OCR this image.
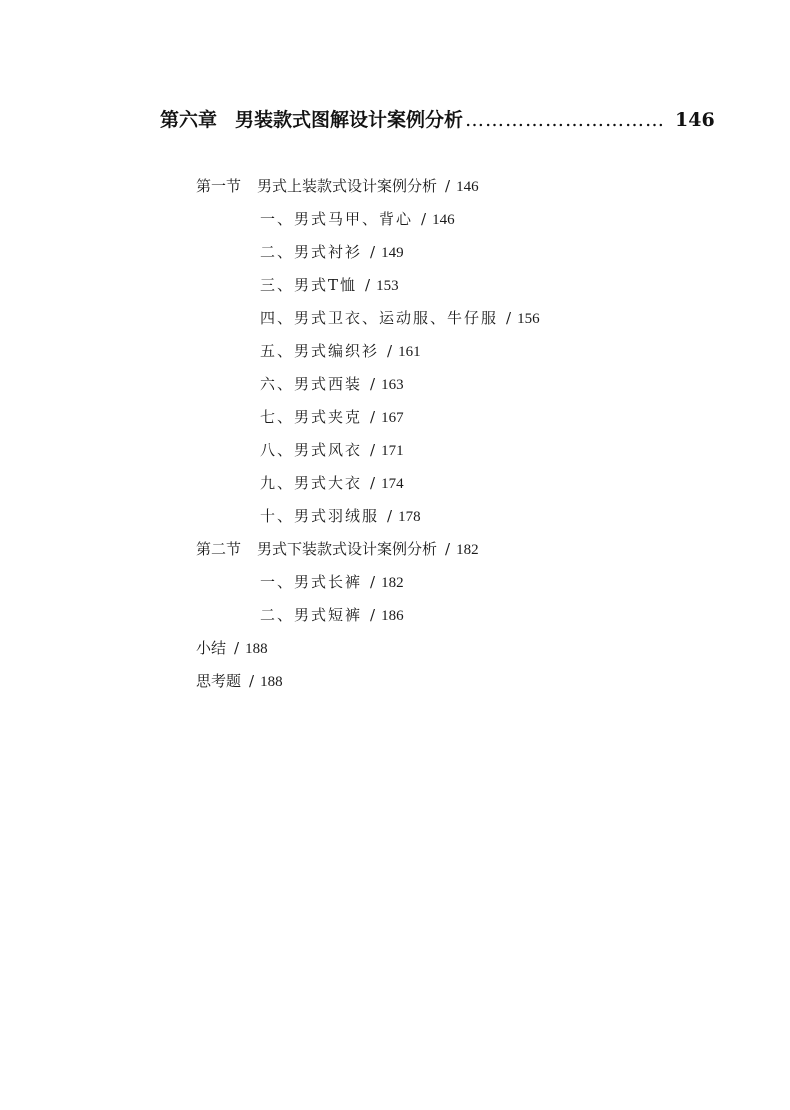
第六章 男装款式图解设计案例分析 ………………………… 146
第一节 男式上装款式设计案例分析 / 146
一、男式马甲、背心 / 146
二、男式衬衫 / 149
三、男式T恤 / 153
四、男式卫衣、运动服、牛仔服 / 156
五、男式编织衫 / 161
六、男式西装 / 163
七、男式夹克 / 167
八、男式风衣 / 171
九、男式大衣 / 174
十、男式羽绒服 / 178
第二节 男式下装款式设计案例分析 / 182
一、男式长裤 / 182
二、男式短裤 / 186
小结 / 188
思考题 / 188
